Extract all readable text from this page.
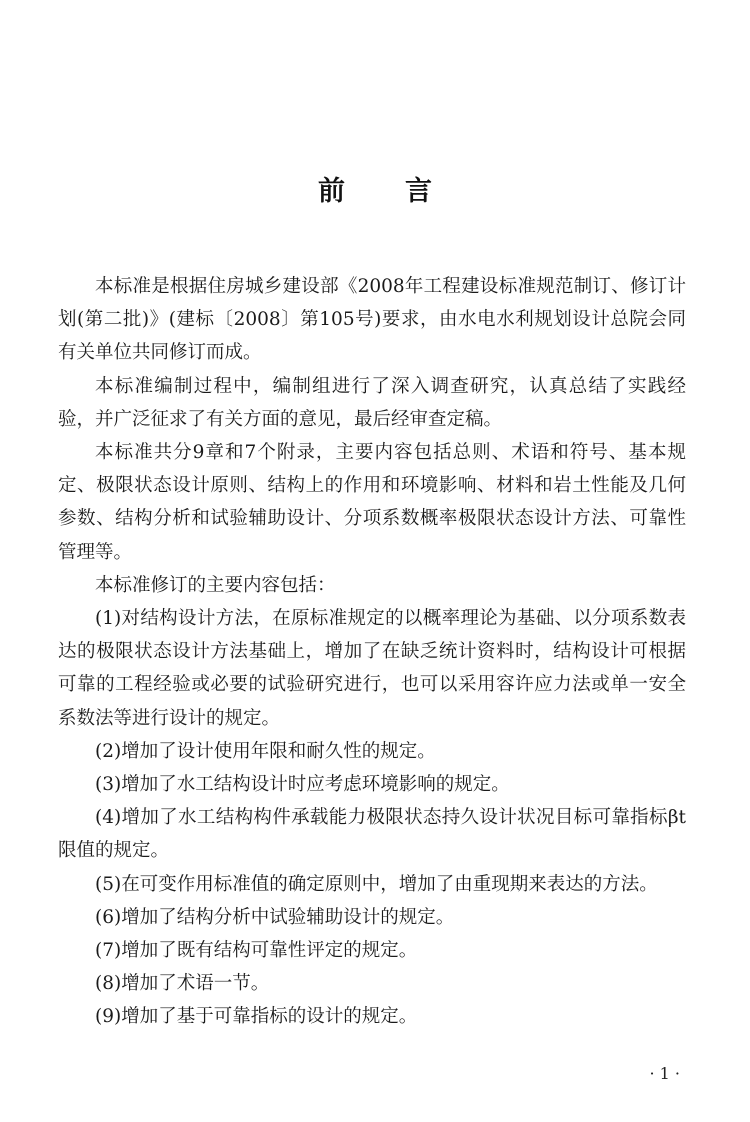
前言

本标准是根据住房城乡建设部《2008年工程建设标准规范制订、修订计划(第二批)》(建标〔2008〕第105号)要求，由水电水利规划设计总院会同有关单位共同修订而成。

本标准编制过程中，编制组进行了深入调查研究，认真总结了实践经验，并广泛征求了有关方面的意见，最后经审查定稿。

本标准共分9章和7个附录，主要内容包括总则、术语和符号、基本规定、极限状态设计原则、结构上的作用和环境影响、材料和岩土性能及几何参数、结构分析和试验辅助设计、分项系数概率极限状态设计方法、可靠性管理等。

本标准修订的主要内容包括：

(1)对结构设计方法，在原标准规定的以概率理论为基础、以分项系数表达的极限状态设计方法基础上，增加了在缺乏统计资料时，结构设计可根据可靠的工程经验或必要的试验研究进行，也可以采用容许应力法或单一安全系数法等进行设计的规定。

(2)增加了设计使用年限和耐久性的规定。

(3)增加了水工结构设计时应考虑环境影响的规定。

(4)增加了水工结构构件承载能力极限状态持久设计状况目标可靠指标βt限值的规定。

(5)在可变作用标准值的确定原则中，增加了由重现期来表达的方法。

(6)增加了结构分析中试验辅助设计的规定。

(7)增加了既有结构可靠性评定的规定。

(8)增加了术语一节。

(9)增加了基于可靠指标的设计的规定。

· 1 ·
